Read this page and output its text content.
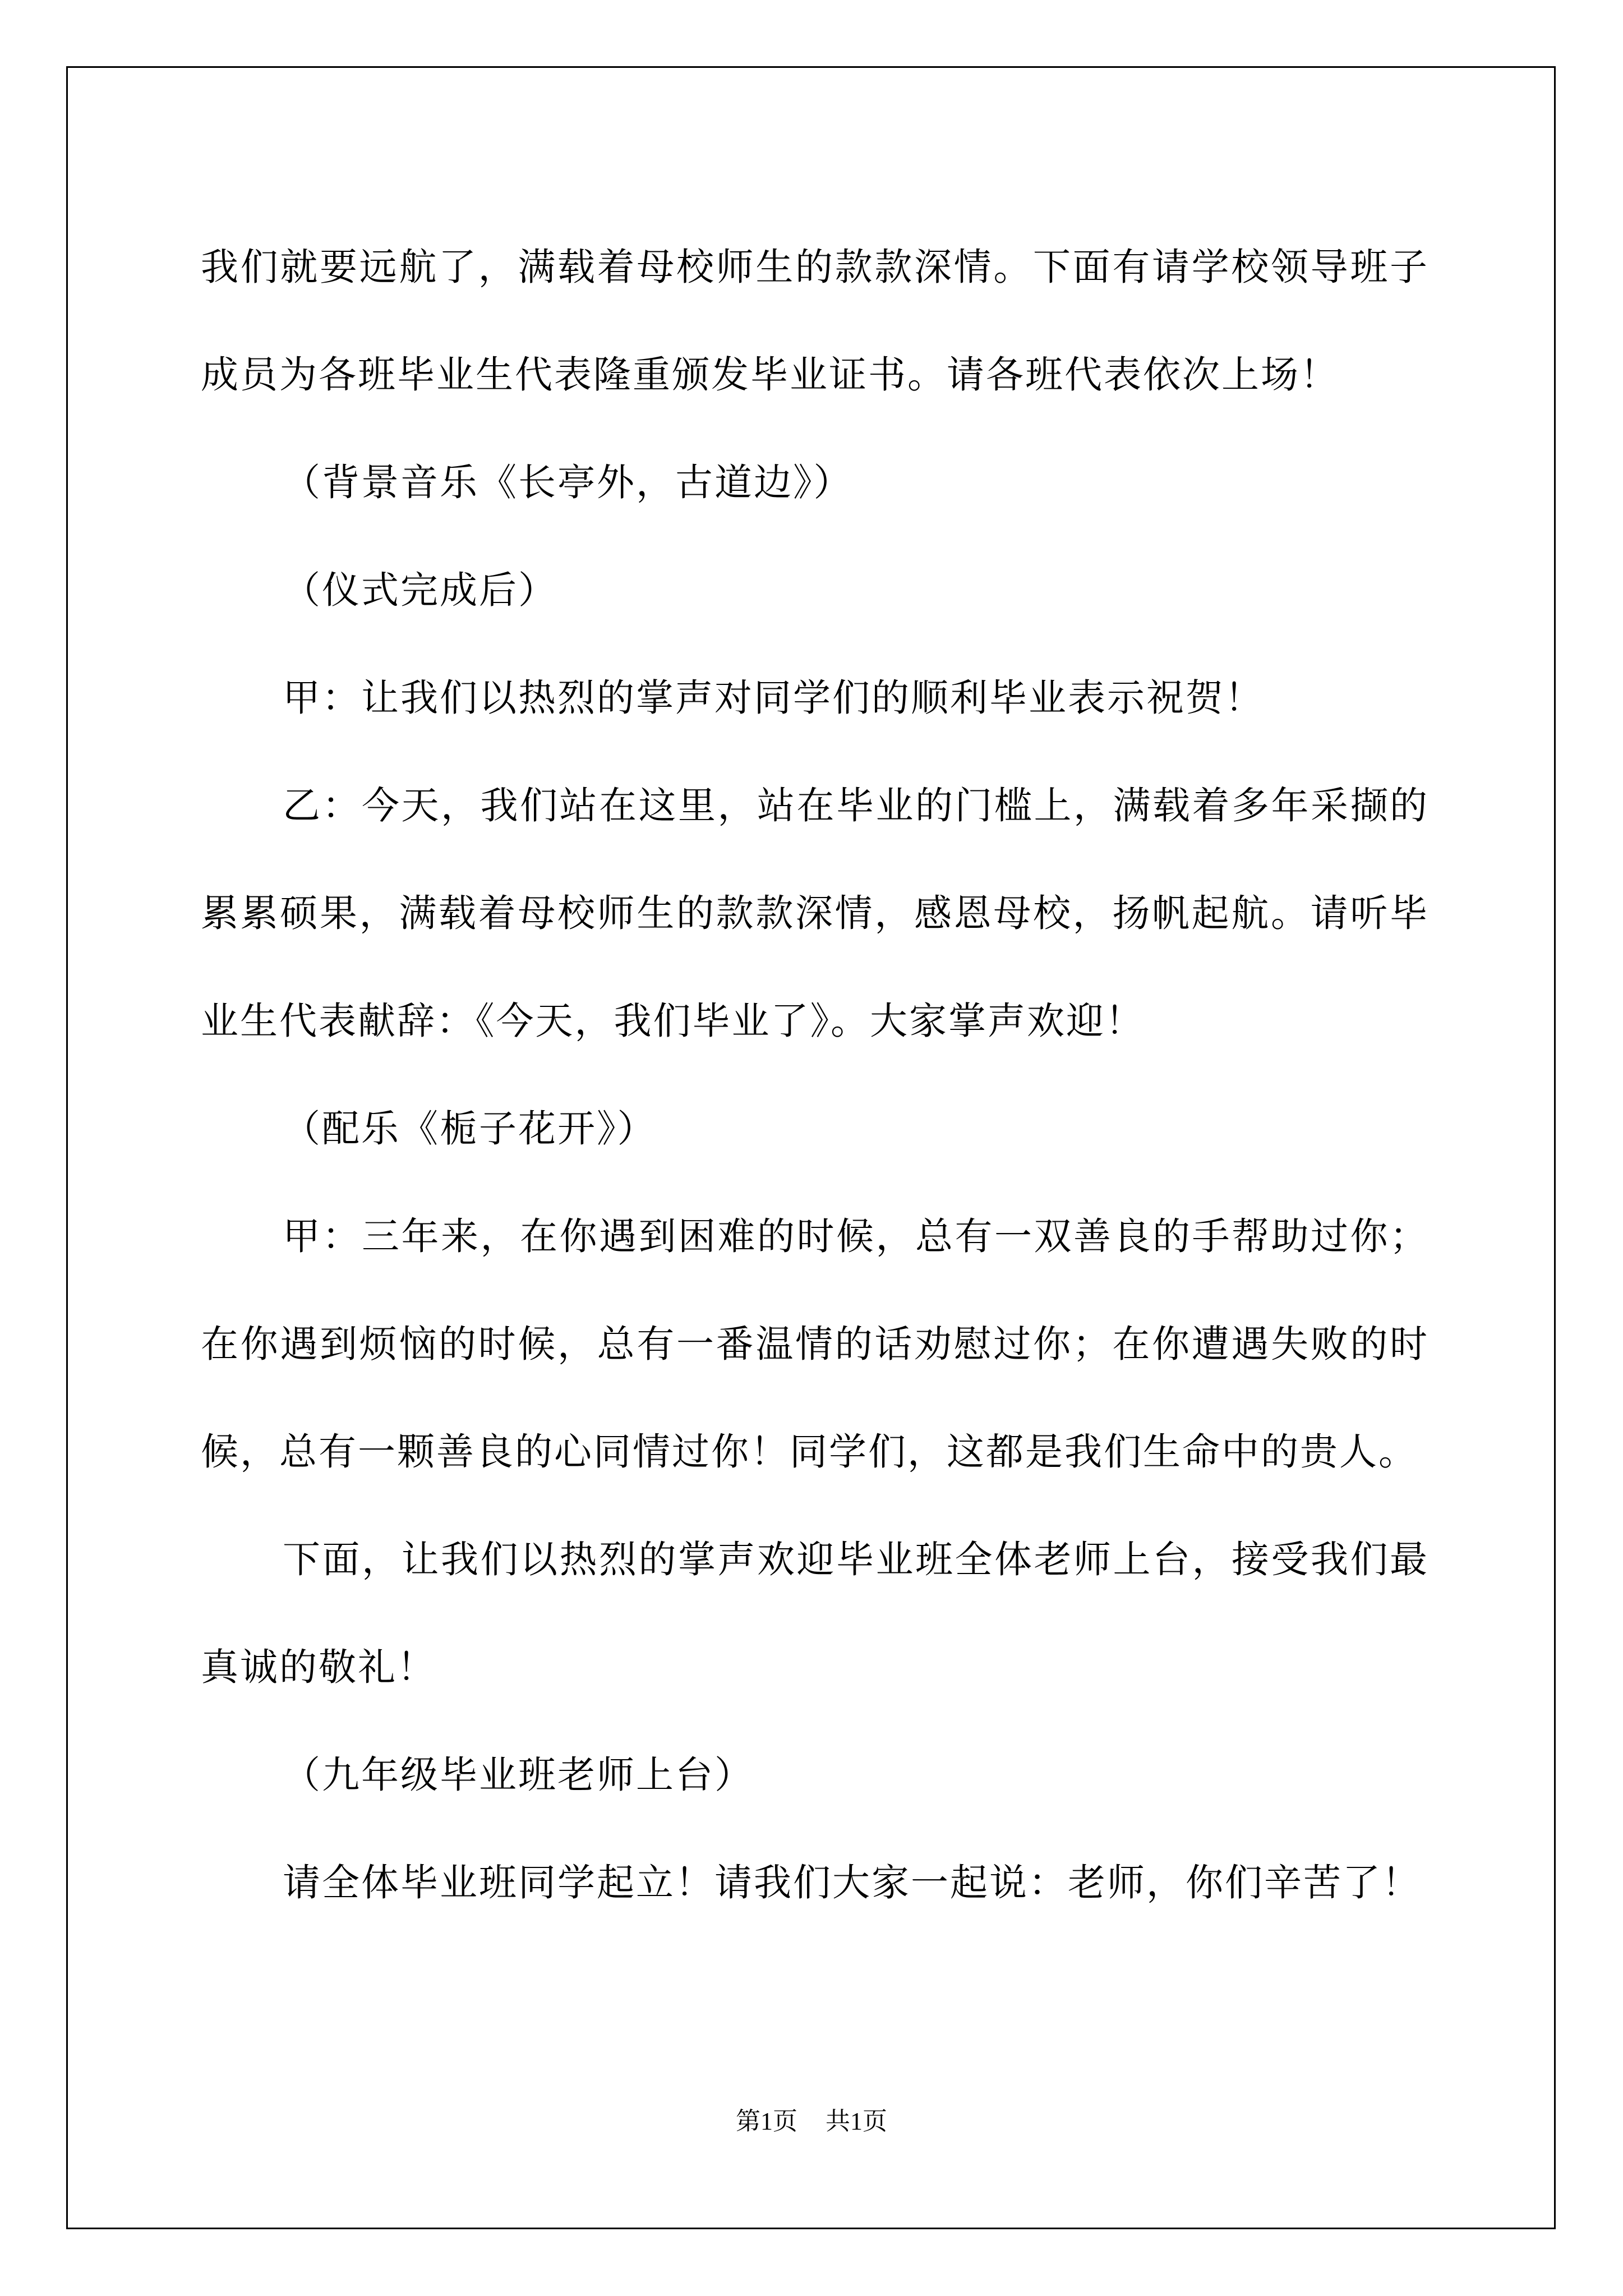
我们就要远航了，满载着母校师生的款款深情。下面有请学校领导班子成员为各班毕业生代表隆重颁发毕业证书。请各班代表依次上场！

（背景音乐《长亭外，古道边》）

（仪式完成后）

甲：让我们以热烈的掌声对同学们的顺利毕业表示祝贺！

乙：今天，我们站在这里，站在毕业的门槛上，满载着多年采撷的累累硕果，满载着母校师生的款款深情，感恩母校，扬帆起航。请听毕业生代表献辞：《今天，我们毕业了》。大家掌声欢迎！

（配乐《栀子花开》）

甲：三年来，在你遇到困难的时候，总有一双善良的手帮助过你；在你遇到烦恼的时候，总有一番温情的话劝慰过你；在你遭遇失败的时候，总有一颗善良的心同情过你！同学们，这都是我们生命中的贵人。

下面，让我们以热烈的掌声欢迎毕业班全体老师上台，接受我们最真诚的敬礼！

（九年级毕业班老师上台）

请全体毕业班同学起立！请我们大家一起说：老师，你们辛苦了！

第1页 共1页
